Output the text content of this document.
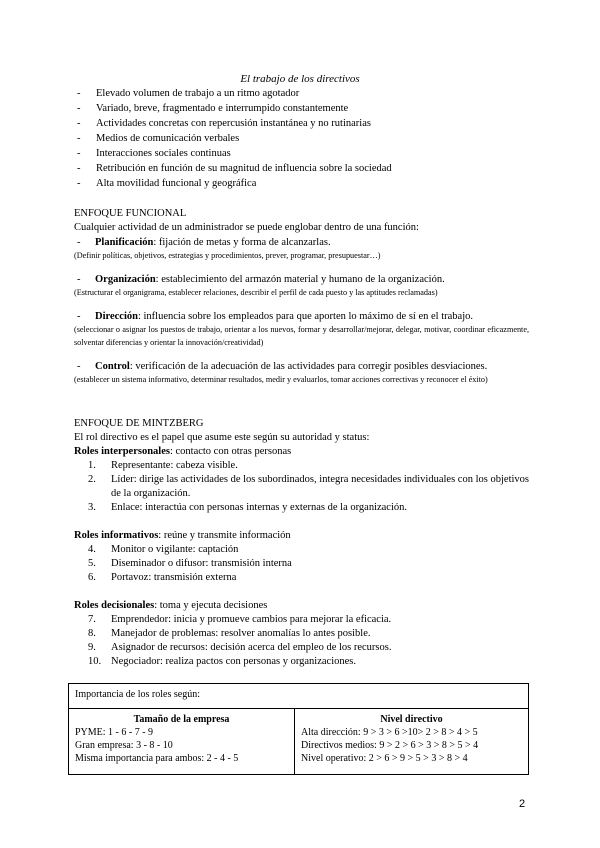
El trabajo de los directivos
- Elevado volumen de trabajo a un ritmo agotador
- Variado, breve, fragmentado e interrumpido constantemente
- Actividades concretas con repercusión instantánea y no rutinarias
- Medios de comunicación verbales
- Interacciones sociales continuas
- Retribución en función de su magnitud de influencia sobre la sociedad
- Alta movilidad funcional y geográfica
ENFOQUE FUNCIONAL
Cualquier actividad de un administrador se puede englobar dentro de una función:
- Planificación: fijación de metas y forma de alcanzarlas.
(Definir políticas, objetivos, estrategias y procedimientos, prever, programar, presupuestar…)
- Organización: establecimiento del armazón material y humano de la organización.
(Estructurar el organigrama, establecer relaciones, describir el perfil de cada puesto y las aptitudes reclamadas)
- Dirección: influencia sobre los empleados para que aporten lo máximo de sí en el trabajo.
(seleccionar o asignar los puestos de trabajo, orientar a los nuevos, formar y desarrollar/mejorar, delegar, motivar, coordinar eficazmente, solventar diferencias y orientar la innovación/creatividad)
- Control: verificación de la adecuación de las actividades para corregir posibles desviaciones.
(establecer un sistema informativo, determinar resultados, medir y evaluarlos, tomar acciones correctivas y reconocer el éxito)
ENFOQUE DE MINTZBERG
El rol directivo es el papel que asume este según su autoridad y status:
Roles interpersonales: contacto con otras personas
1. Representante: cabeza visible.
2. Líder: dirige las actividades de los subordinados, integra necesidades individuales con los objetivos de la organización.
3. Enlace: interactúa con personas internas y externas de la organización.
Roles informativos: reúne y transmite información
4. Monitor o vigilante: captación
5. Diseminador o difusor: transmisión interna
6. Portavoz: transmisión externa
Roles decisionales: toma y ejecuta decisiones
7. Emprendedor: inicia y promueve cambios para mejorar la eficacia.
8. Manejador de problemas: resolver anomalías lo antes posible.
9. Asignador de recursos: decisión acerca del empleo de los recursos.
10. Negociador: realiza pactos con personas y organizaciones.
Importancia de los roles según:
Tamaño de la empresa
PYME: 1 - 6 - 7 - 9
Gran empresa: 3 - 8 - 10
Misma importancia para ambos: 2 - 4 - 5
Nivel directivo
Alta dirección: 9 > 3 > 6 >10> 2 > 8 > 4 > 5
Directivos medios: 9 > 2 > 6 > 3 > 8 > 5 > 4
Nivel operativo: 2 > 6 > 9 > 5 > 3 > 8 > 4
2
